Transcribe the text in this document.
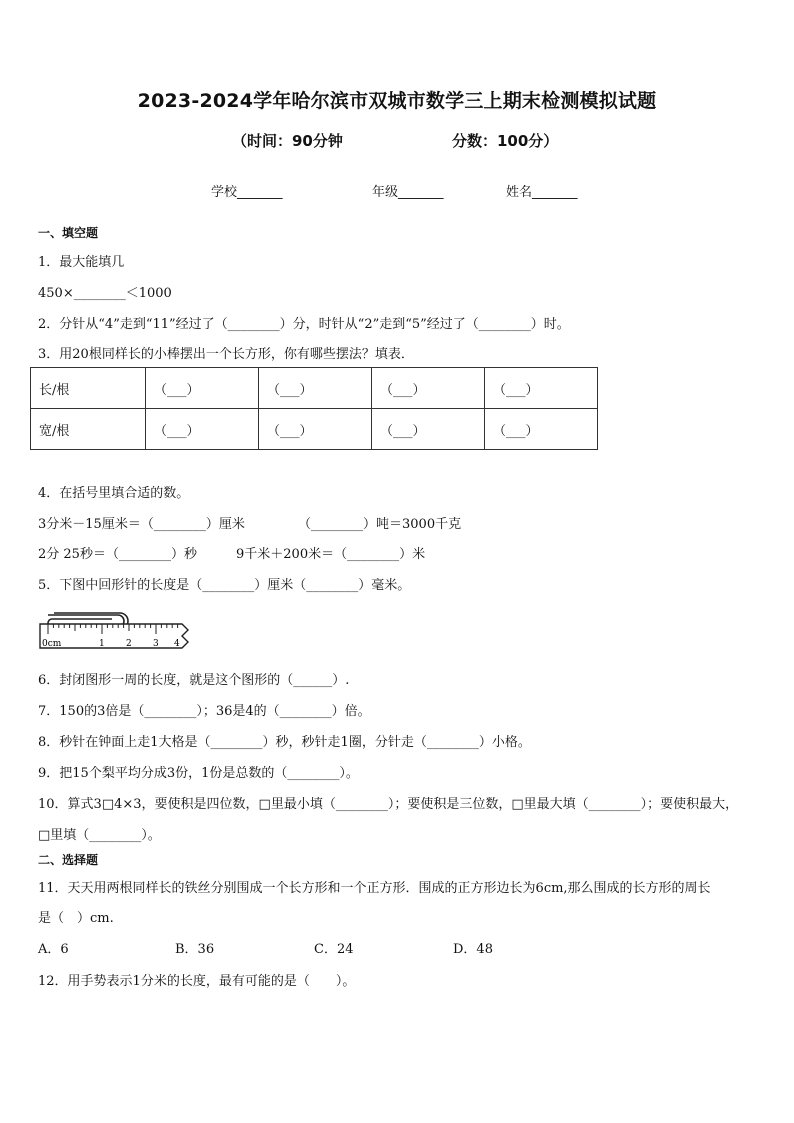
2023-2024学年哈尔滨市双城市数学三上期末检测模拟试题
（时间：90分钟	分数：100分）
学校_______	年级_______	姓名_______
一、填空题
1．最大能填几
450×________＜1000
2．分针从“4”走到“11”经过了（________）分，时针从“2”走到“5”经过了（________）时。
3．用20根同样长的小棒摆出一个长方形，你有哪些摆法？填表．
长/根	（___）	（___）	（___）	（___）
宽/根	（___）	（___）	（___）	（___）
4．在括号里填合适的数。
3分米－15厘米＝（________）厘米	（________）吨＝3000千克
2分 25秒＝（________）秒	9千米＋200米＝（________）米
5．下图中回形针的长度是（________）厘米（________）毫米。
0cm	1 2 3 4
6．封闭图形一周的长度，就是这个图形的（______）.
7．150的3倍是（________）；36是4的（________）倍。
8．秒针在钟面上走1大格是（________）秒，秒针走1圈，分针走（________）小格。
9．把15个梨平均分成3份，1份是总数的（________）。
10．算式3□4×3，要使积是四位数，□里最小填（________）；要使积是三位数，□里最大填（________）；要使积最大，
□里填（________）。
二、选择题
11．天天用两根同样长的铁丝分别围成一个长方形和一个正方形．围成的正方形边长为6cm,那么围成的长方形的周长
是（　）cm.
A．6	B．36	C．24	D．48
12．用手势表示1分米的长度，最有可能的是（　　）。
